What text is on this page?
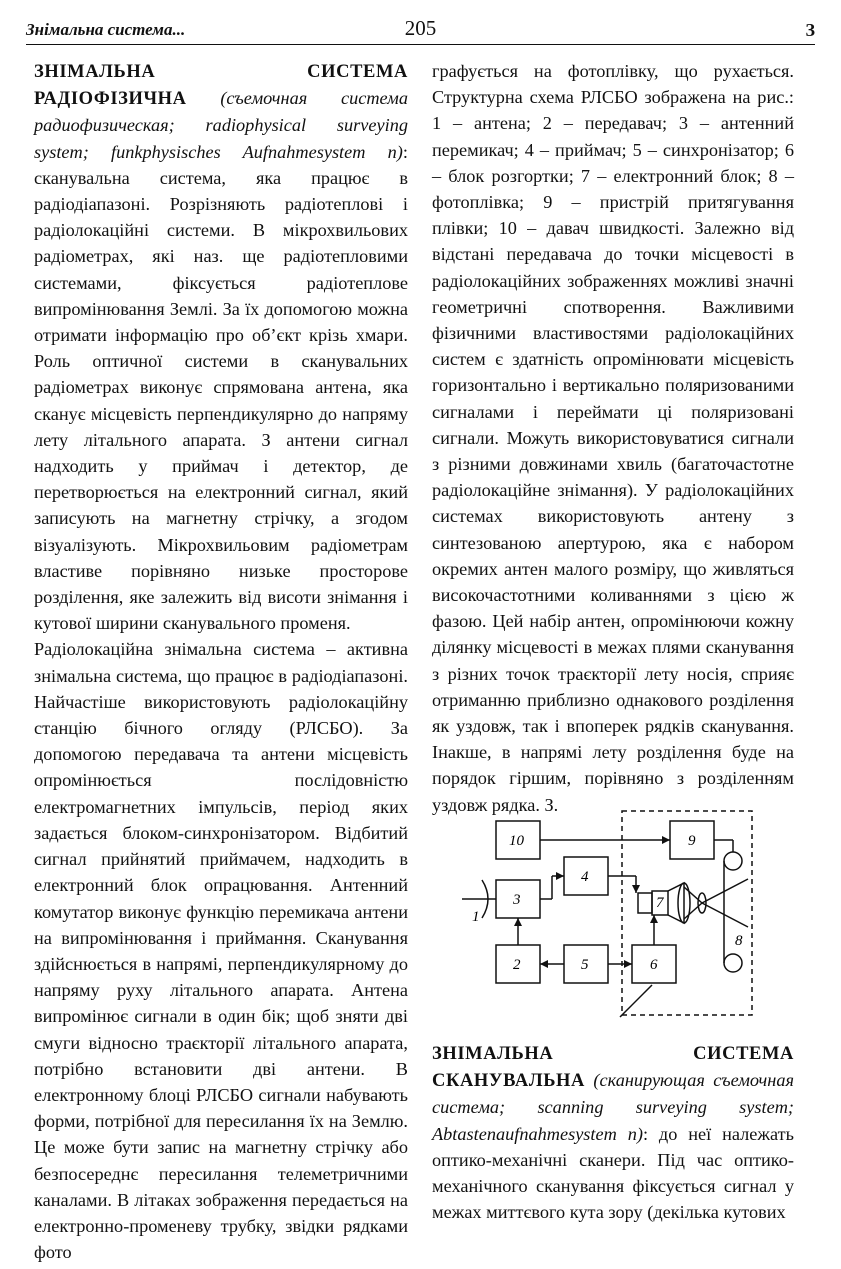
Знімальна система...	205	З

ЗНІМАЛЬНА СИСТЕМА РАДІОФІЗИЧНА (съемочная система радиофизическая; radiophysical surveying system; funkphysisches Aufnahmesystem n): сканувальна система, яка працює в радіодіапазоні. Розрізняють радіотеплові і радіолокаційні системи. В мікрохвильових радіометрах, які наз. ще радіотепловими системами, фіксується радіотеплове випромінювання Землі. За їх допомогою можна отримати інформацію про об’єкт крізь хмари. Роль оптичної системи в сканувальних радіометрах виконує спрямована антена, яка сканує місцевість перпендикулярно до напряму лету літального апарата. З антени сигнал надходить у приймач і детектор, де перетворюється на електронний сигнал, який записують на магнетну стрічку, а згодом візуалізують. Мікрохвильовим радіометрам властиве порівняно низьке просторове розділення, яке залежить від висоти знімання і кутової ширини сканувального променя.

Радіолокаційна знімальна система – активна знімальна система, що працює в радіодіапазоні. Найчастіше використовують радіолокаційну станцію бічного огляду (РЛСБО). За допомогою передавача та антени місцевість опромінюється послідовністю електромагнетних імпульсів, період яких задається блоком-синхронізатором. Відбитий сигнал прийнятий приймачем, надходить в електронний блок опрацювання. Антенний комутатор виконує функцію перемикача антени на випромінювання і приймання. Сканування здійснюється в напрямі, перпендикулярному до напряму руху літального апарата. Антена випромінює сигнали в один бік; щоб зняти дві смуги відносно траєкторії літального апарата, потрібно встановити дві антени. В електронному блоці РЛСБО сигнали набувають форми, потрібної для пересилання їх на Землю. Це може бути запис на магнетну стрічку або безпосереднє пересилання телеметричними каналами. В літаках зображення передається на електронно-променеву трубку, звідки рядками фото

графується на фотоплівку, що рухається. Структурна схема РЛСБО зображена на рис.: 1 – антена; 2 – передавач; 3 – антенний перемикач; 4 – приймач; 5 – синхронізатор; 6 – блок розгортки; 7 – електронний блок; 8 – фотоплівка; 9 – пристрій притягування плівки; 10 – давач швидкості. Залежно від відстані передавача до точки місцевості в радіолокаційних зображеннях можливі значні геометричні спотворення. Важливими фізичними властивостями радіолокаційних систем є здатність опромінювати місцевість горизонтально і вертикально поляризованими сигналами і переймати ці поляризовані сигнали. Можуть використовуватися сигнали з різними довжинами хвиль (багаточастотне радіолокаційне знімання). У радіолокаційних системах використовують антену з синтезованою апертурою, яка є набором окремих антен малого розміру, що живляться високочастотними коливаннями з цією ж фазою. Цей набір антен, опромінюючи кожну ділянку місцевості в межах плями сканування з різних точок траєкторії лету носія, сприяє отриманню приблизно однакового розділення як уздовж, так і впоперек рядків сканування. Інакше, в напрямі лету розділення буде на порядок гіршим, порівняно з розділенням уздовж рядка. З.

1
2
3
4
5	6
7
8
9
10
ЗНІМАЛЬНА СИСТЕМА СКАНУВАЛЬНА (сканирующая съемочная система; scanning surveying system; Abtastenaufnahmesystem n): до неї належать оптико-механічні сканери. Під час оптико-механічного сканування фіксується сигнал у межах миттєвого кута зору (декілька кутових
